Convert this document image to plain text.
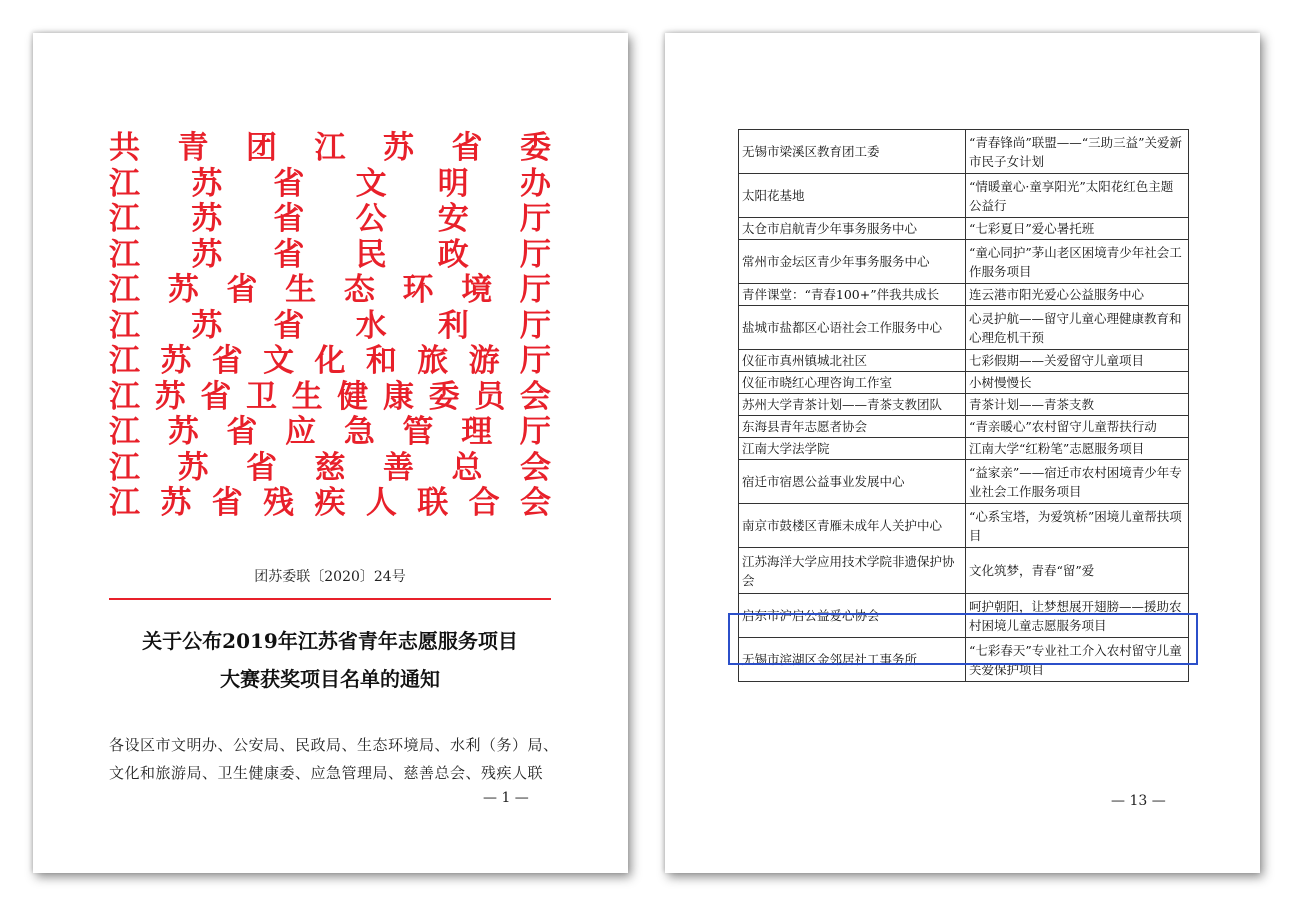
共 青 团 江 苏 省 委
江 苏 省 文 明 办
江 苏 省 公 安 厅
江 苏 省 民 政 厅
江 苏 省 生 态 环 境 厅
江 苏 省 水 利 厅
江 苏 省 文 化 和 旅 游 厅
江 苏 省 卫 生 健 康 委 员 会
江 苏 省 应 急 管 理 厅
江 苏 省 慈 善 总 会
江 苏 省 残 疾 人 联 合 会
团苏委联〔2020〕24号
关于公布2019年江苏省青年志愿服务项目
大赛获奖项目名单的通知
各设区市文明办、公安局、民政局、生态环境局、水利（务）局、
文化和旅游局、卫生健康委、应急管理局、慈善总会、残疾人联
— 1 —
无锡市梁溪区教育团工委	“青春锋尚”联盟——“三助三益”关爱新市民子女计划
太阳花基地	“情暖童心·童享阳光”太阳花红色主题公益行
太仓市启航青少年事务服务中心	“七彩夏日”爱心暑托班
常州市金坛区青少年事务服务中心	“童心同护”茅山老区困境青少年社会工作服务项目
青伴课堂：“青春100+”伴我共成长	连云港市阳光爱心公益服务中心
盐城市盐都区心语社会工作服务中心	心灵护航——留守儿童心理健康教育和心理危机干预
仪征市真州镇城北社区	七彩假期——关爱留守儿童项目
仪征市晓红心理咨询工作室	小树慢慢长
苏州大学青茶计划——青茶支教团队	青茶计划——青茶支教
东海县青年志愿者协会	“青亲暖心”农村留守儿童帮扶行动
江南大学法学院	江南大学“红粉笔”志愿服务项目
宿迁市宿恩公益事业发展中心	“益家亲”——宿迁市农村困境青少年专业社会工作服务项目
南京市鼓楼区青雁未成年人关护中心	“心系宝塔，为爱筑桥”困境儿童帮扶项目
江苏海洋大学应用技术学院非遗保护协会	文化筑梦，青春“留”爱
启东市沪启公益爱心协会	呵护朝阳，让梦想展开翅膀——援助农村困境儿童志愿服务项目
无锡市滨湖区金邻居社工事务所	“七彩春天”专业社工介入农村留守儿童关爱保护项目
— 13 —
